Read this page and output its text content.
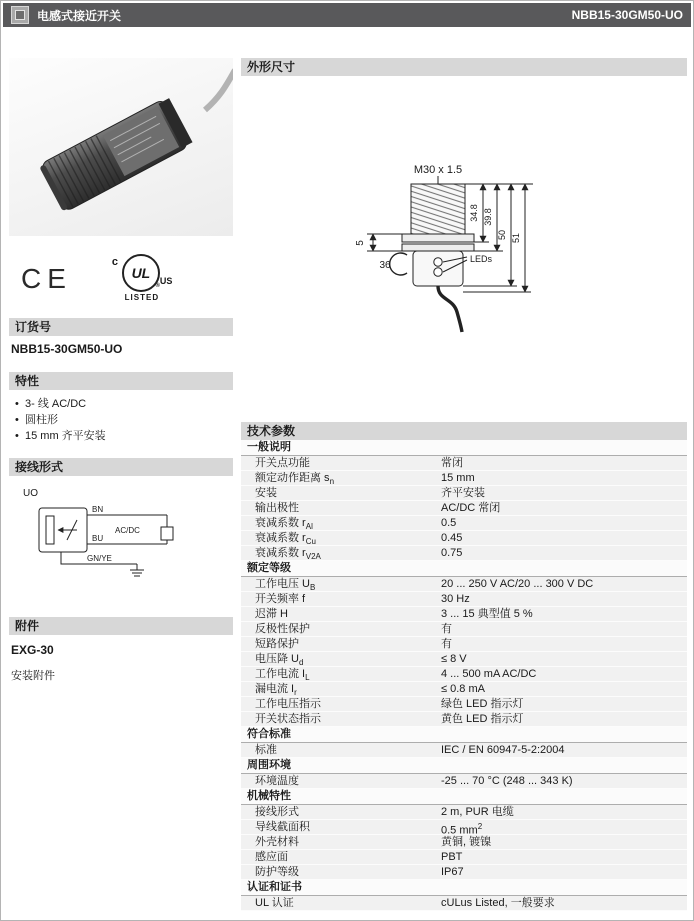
电感式接近开关	NBB15-30GM50-UO
CE
c
UL
® US
LISTED
订货号
NBB15-30GM50-UO
特性
• 3- 线 AC/DC
• 圆柱形
• 15 mm 齐平安装
接线形式
UO
BN
BU
AC/DC
GN/YE
附件
EXG-30
安装附件
外形尺寸
M30 x 1.5
LEDs
36
5
34.8 39.8
50 51
技术参数
一般说明
开关点功能	常闭
额定动作距离 $s_n$	15 mm
安装	齐平安装
输出极性	AC/DC 常闭
衰减系数 $r_{Al}$	0.5
衰减系数 $r_{Cu}$	0.45
衰减系数 $r_{V2A}$	0.75
额定等级
工作电压 $U_B$	20 ... 250 V AC/20 ... 300 V DC
开关频率 f	30 Hz
迟滞 H	3 ... 15 典型值 5 %
反极性保护	有
短路保护	有
电压降 $U_d$	≤ 8 V
工作电流 $I_L$	4 ... 500 mA AC/DC
漏电流 $I_r$	≤ 0.8 mA
工作电压指示	绿色 LED 指示灯
开关状态指示	黄色 LED 指示灯
符合标准
标准	IEC / EN 60947-5-2:2004
周围环境
环境温度	-25 ... 70 °C (248 ... 343 K)
机械特性
接线形式	2 m, PUR 电缆
导线截面积	0.5 $mm^2$
外壳材料	黄铜, 镀镍
感应面	PBT
防护等级	IP67
认证和证书
UL 认证	cULus Listed, 一般要求
